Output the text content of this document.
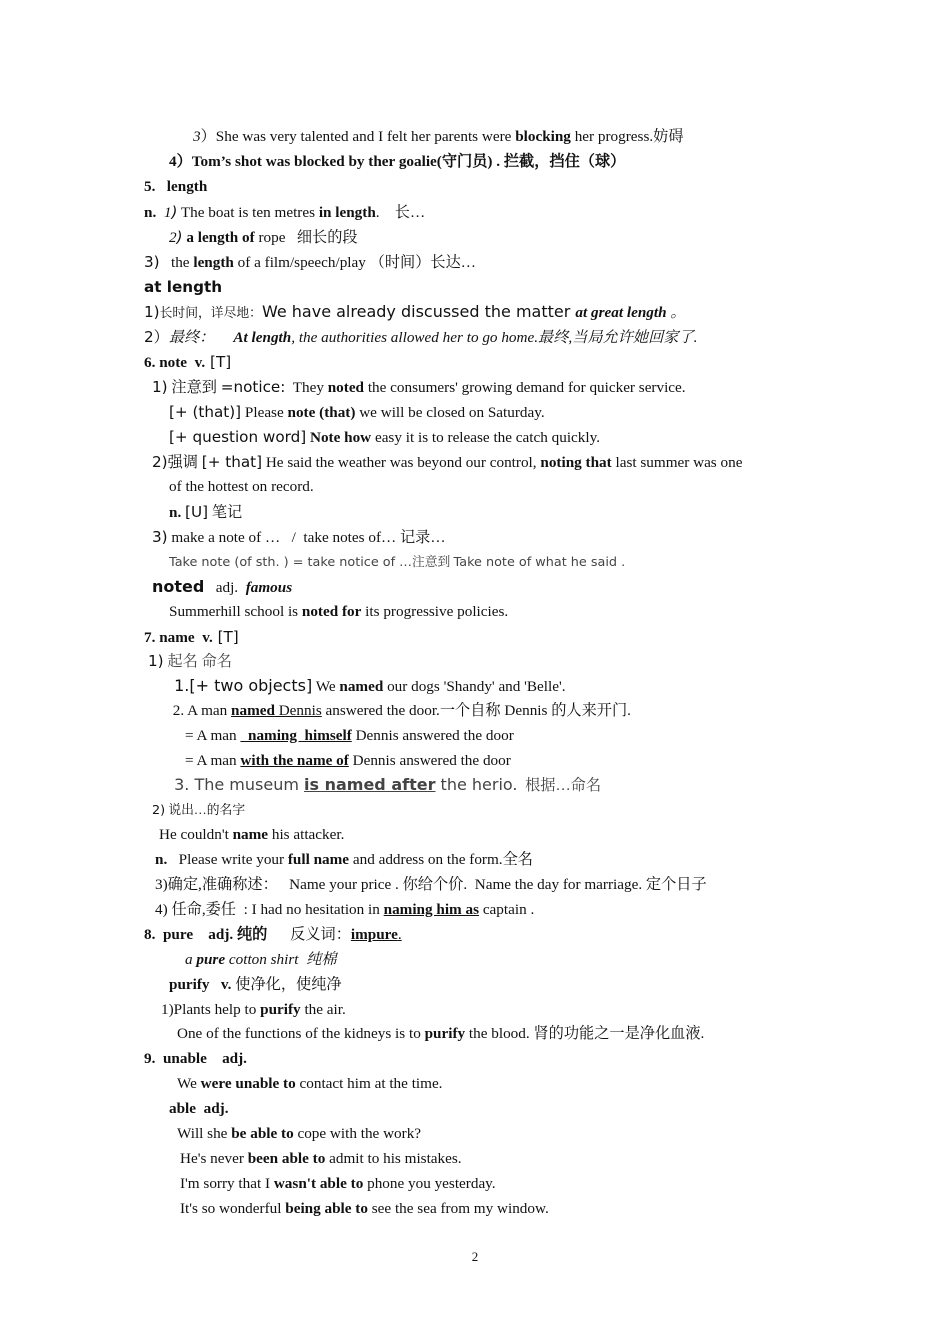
3）She was very talented and I felt her parents were blocking her progress.妨碍
4）Tom’s shot was blocked by ther goalie(守门员) . 拦截，挡住（球）
5.   length
n. 1) The boat is ten metres in length.    长…
2) a length of rope   细长的段
3)   the length of a film/speech/play （时间）长达…
at length
1)长时间，详尽地：We have already discussed the matter at great length 。
2）最终：     At length, the authorities allowed her to go home.最终,当局允许她回家了.
6. note  v. [T]
1) 注意到 =notice:  They noted the consumers' growing demand for quicker service.
[+ (that)] Please note (that) we will be closed on Saturday.
[+ question word] Note how easy it is to release the catch quickly.
2)强调 [+ that] He said the weather was beyond our control, noting that last summer was one
of the hottest on record.
n. [U] 笔记
3) make a note of …   /  take notes of… 记录…
Take note (of sth. ) = take notice of …注意到 Take note of what he said .
noted   adj.  famous
Summerhill school is noted for its progressive policies.
7. name  v. [T]
1) 起名 命名
1.[+ two objects] We named our dogs 'Shandy' and 'Belle'.
2. A man named Dennis answered the door.一个自称 Dennis 的人来开门.
= A man   naming  himself Dennis answered the door
= A man with the name of Dennis answered the door
3. The museum is named after the herio.  根据…命名
2) 说出…的名字
He couldn't name his attacker.
n.   Please write your full name and address on the form.全名
3)确定,准确称述：   Name your price . 你给个价.  Name the day for marriage. 定个日子
4) 任命,委任  : I had no hesitation in naming him as captain .
8.  pure    adj. 纯的      反义词：impure.
a pure cotton shirt  纯棉
purify   v. 使净化，使纯净
1)Plants help to purify the air.
One of the functions of the kidneys is to purify the blood. 肾的功能之一是净化血液.
9.  unable    adj.
We were unable to contact him at the time.
able  adj.
Will she be able to cope with the work?
He's never been able to admit to his mistakes.
I'm sorry that I wasn't able to phone you yesterday.
It's so wonderful being able to see the sea from my window.
2
